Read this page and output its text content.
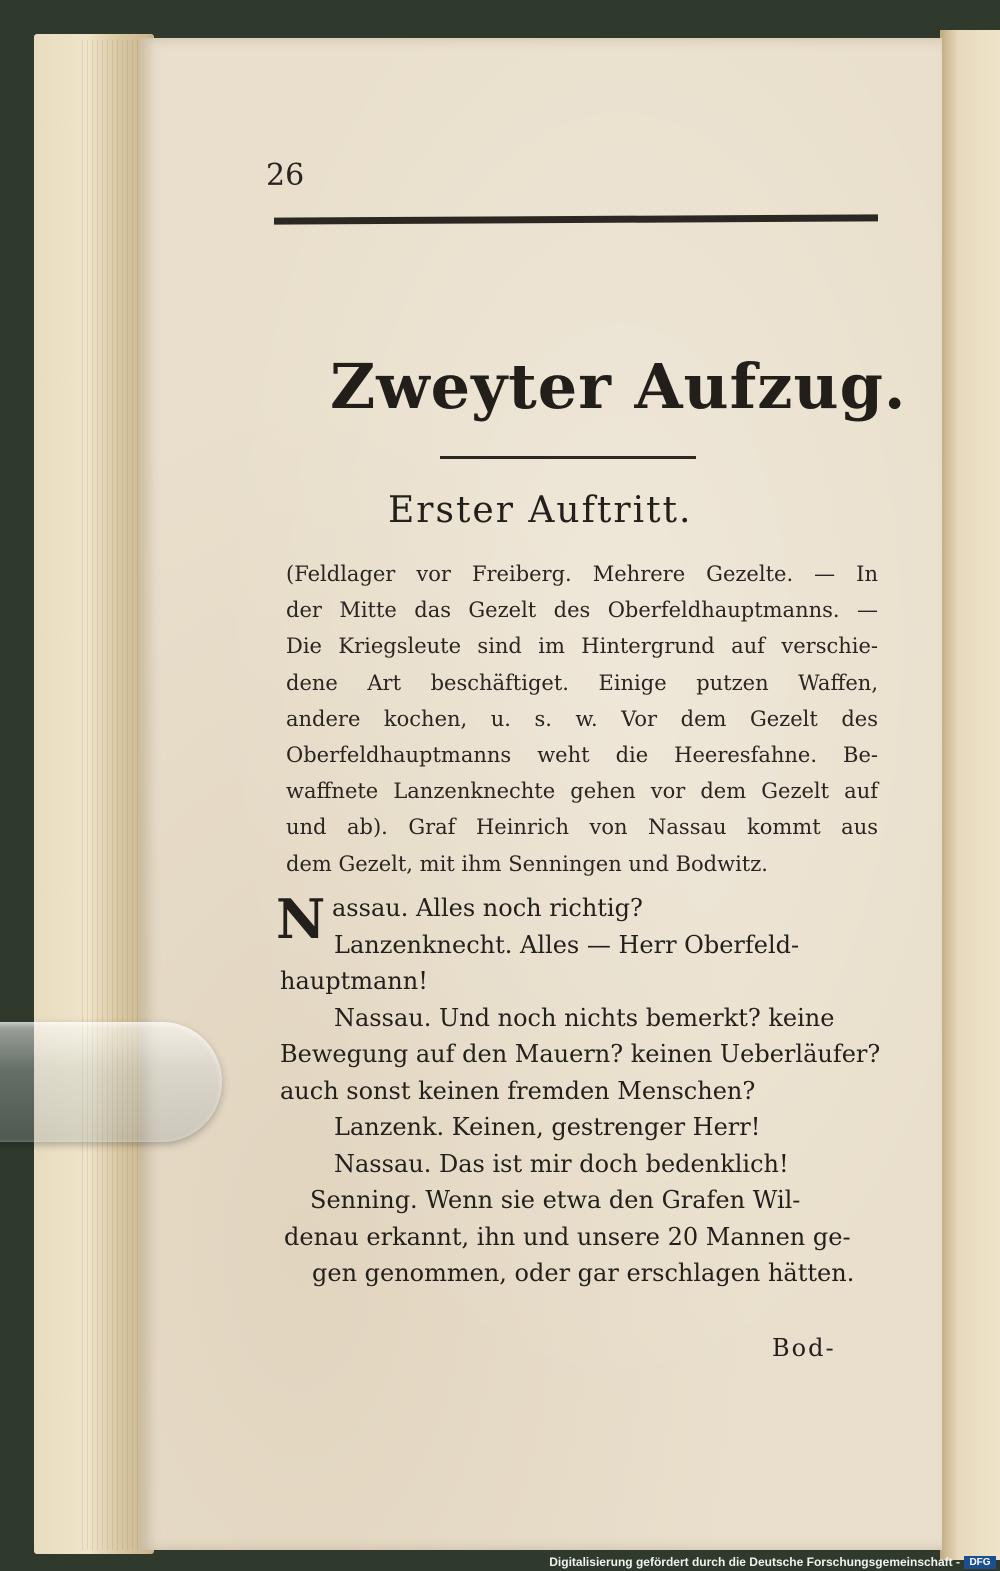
26
Zweyter Aufzug.
Erster Auftritt.
(Feldlager vor Freiberg. Mehrere Gezelte. — In
der Mitte das Gezelt des Oberfeldhauptmanns. —
Die Kriegsleute sind im Hintergrund auf verschie-
dene Art beschäftiget. Einige putzen Waffen,
andere kochen, u. s. w. Vor dem Gezelt des
Oberfeldhauptmanns weht die Heeresfahne. Be-
waffnete Lanzenknechte gehen vor dem Gezelt auf
und ab). Graf Heinrich von Nassau kommt aus
dem Gezelt, mit ihm Senningen und Bodwitz.
N assau. Alles noch richtig?
Lanzenknecht. Alles — Herr Oberfeld-
hauptmann!
Nassau. Und noch nichts bemerkt? keine
Bewegung auf den Mauern? keinen Ueberläufer?
auch sonst keinen fremden Menschen?
Lanzenk. Keinen, gestrenger Herr!
Nassau. Das ist mir doch bedenklich!
Senning. Wenn sie etwa den Grafen Wil-
denau erkannt, ihn und unsere 20 Mannen ge-
gen genommen, oder gar erschlagen hätten.
Bod-
Digitalisierung gefördert durch die Deutsche Forschungsgemeinschaft - DFG
